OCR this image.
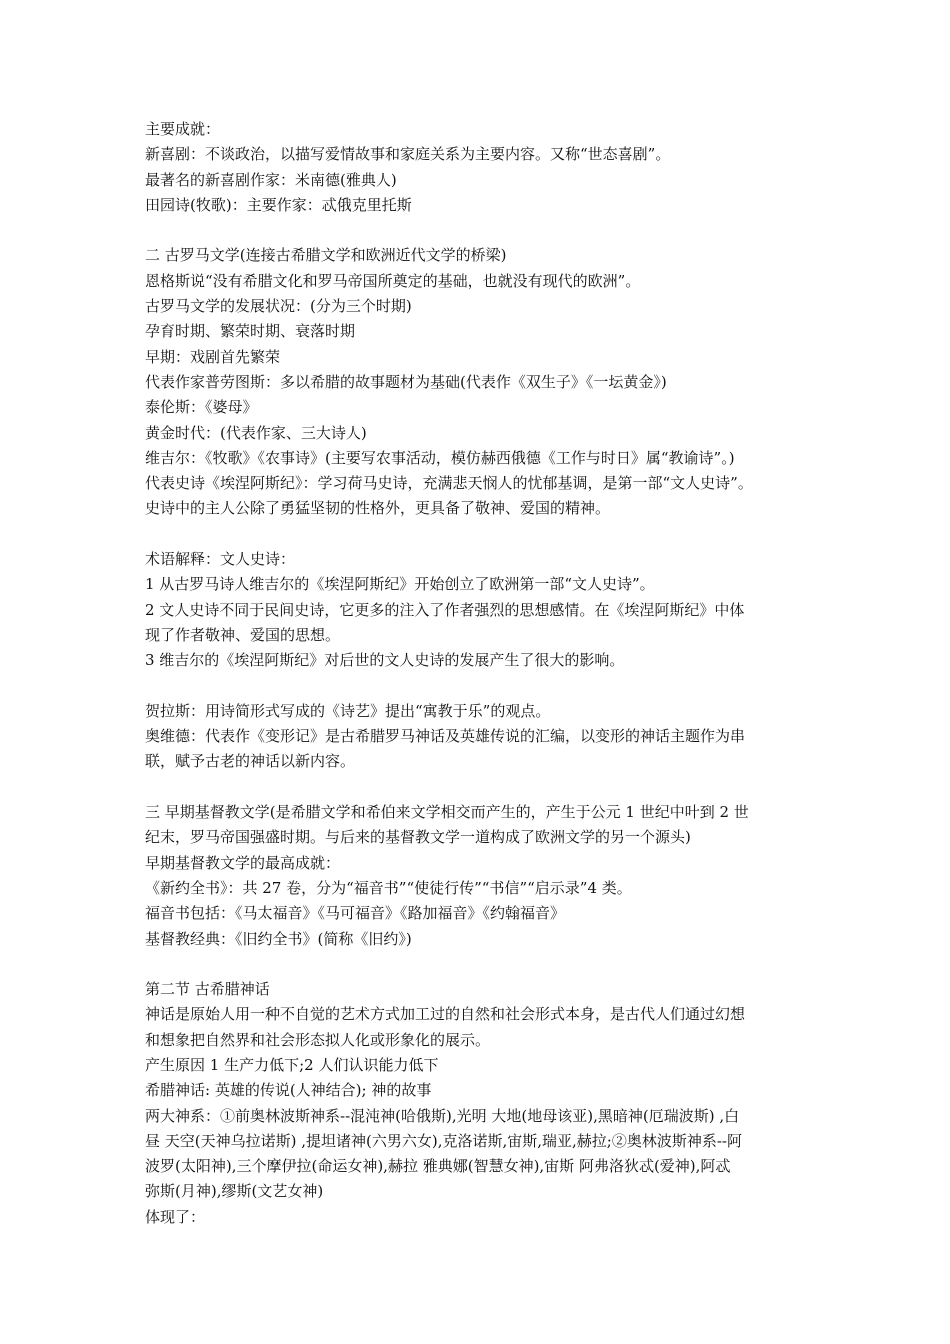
主要成就：
新喜剧：不谈政治，以描写爱情故事和家庭关系为主要内容。又称“世态喜剧”。
最著名的新喜剧作家：米南德(雅典人)
田园诗(牧歌)：主要作家：忒俄克里托斯
二 古罗马文学(连接古希腊文学和欧洲近代文学的桥梁)
恩格斯说“没有希腊文化和罗马帝国所奠定的基础，也就没有现代的欧洲”。
古罗马文学的发展状况：(分为三个时期)
孕育时期、繁荣时期、衰落时期
早期：戏剧首先繁荣
代表作家普劳图斯：多以希腊的故事题材为基础(代表作《双生子》《一坛黄金》)
泰伦斯：《婆母》
黄金时代：(代表作家、三大诗人)
维吉尔：《牧歌》《农事诗》(主要写农事活动，模仿赫西俄德《工作与时日》属“教谕诗”。)
代表史诗《埃涅阿斯纪》：学习荷马史诗，充满悲天悯人的忧郁基调，是第一部“文人史诗”。
史诗中的主人公除了勇猛坚韧的性格外，更具备了敬神、爱国的精神。
术语解释：文人史诗：
1 从古罗马诗人维吉尔的《埃涅阿斯纪》开始创立了欧洲第一部“文人史诗”。
2 文人史诗不同于民间史诗，它更多的注入了作者强烈的思想感情。在《埃涅阿斯纪》中体
现了作者敬神、爱国的思想。
3 维吉尔的《埃涅阿斯纪》对后世的文人史诗的发展产生了很大的影响。
贺拉斯：用诗简形式写成的《诗艺》提出“寓教于乐”的观点。
奥维德：代表作《变形记》是古希腊罗马神话及英雄传说的汇编，以变形的神话主题作为串
联，赋予古老的神话以新内容。
三 早期基督教文学(是希腊文学和希伯来文学相交而产生的，产生于公元 1 世纪中叶到 2 世
纪末，罗马帝国强盛时期。与后来的基督教文学一道构成了欧洲文学的另一个源头)
早期基督教文学的最高成就：
《新约全书》：共 27 卷，分为“福音书”“使徒行传”“书信”“启示录”4 类。
福音书包括：《马太福音》《马可福音》《路加福音》《约翰福音》
基督教经典：《旧约全书》(简称《旧约》)
第二节 古希腊神话
神话是原始人用一种不自觉的艺术方式加工过的自然和社会形式本身，是古代人们通过幻想
和想象把自然界和社会形态拟人化或形象化的展示。
产生原因 1 生产力低下;2 人们认识能力低下
希腊神话: 英雄的传说(人神结合); 神的故事
两大神系：①前奥林波斯神系--混沌神(哈俄斯),光明 大地(地母该亚),黑暗神(厄瑞波斯) ,白
昼 天空(天神乌拉诺斯) ,提坦诸神(六男六女),克洛诺斯,宙斯,瑞亚,赫拉;②奥林波斯神系--阿
波罗(太阳神),三个摩伊拉(命运女神),赫拉 雅典娜(智慧女神),宙斯 阿弗洛狄忒(爱神),阿忒
弥斯(月神),缪斯(文艺女神)
体现了：
